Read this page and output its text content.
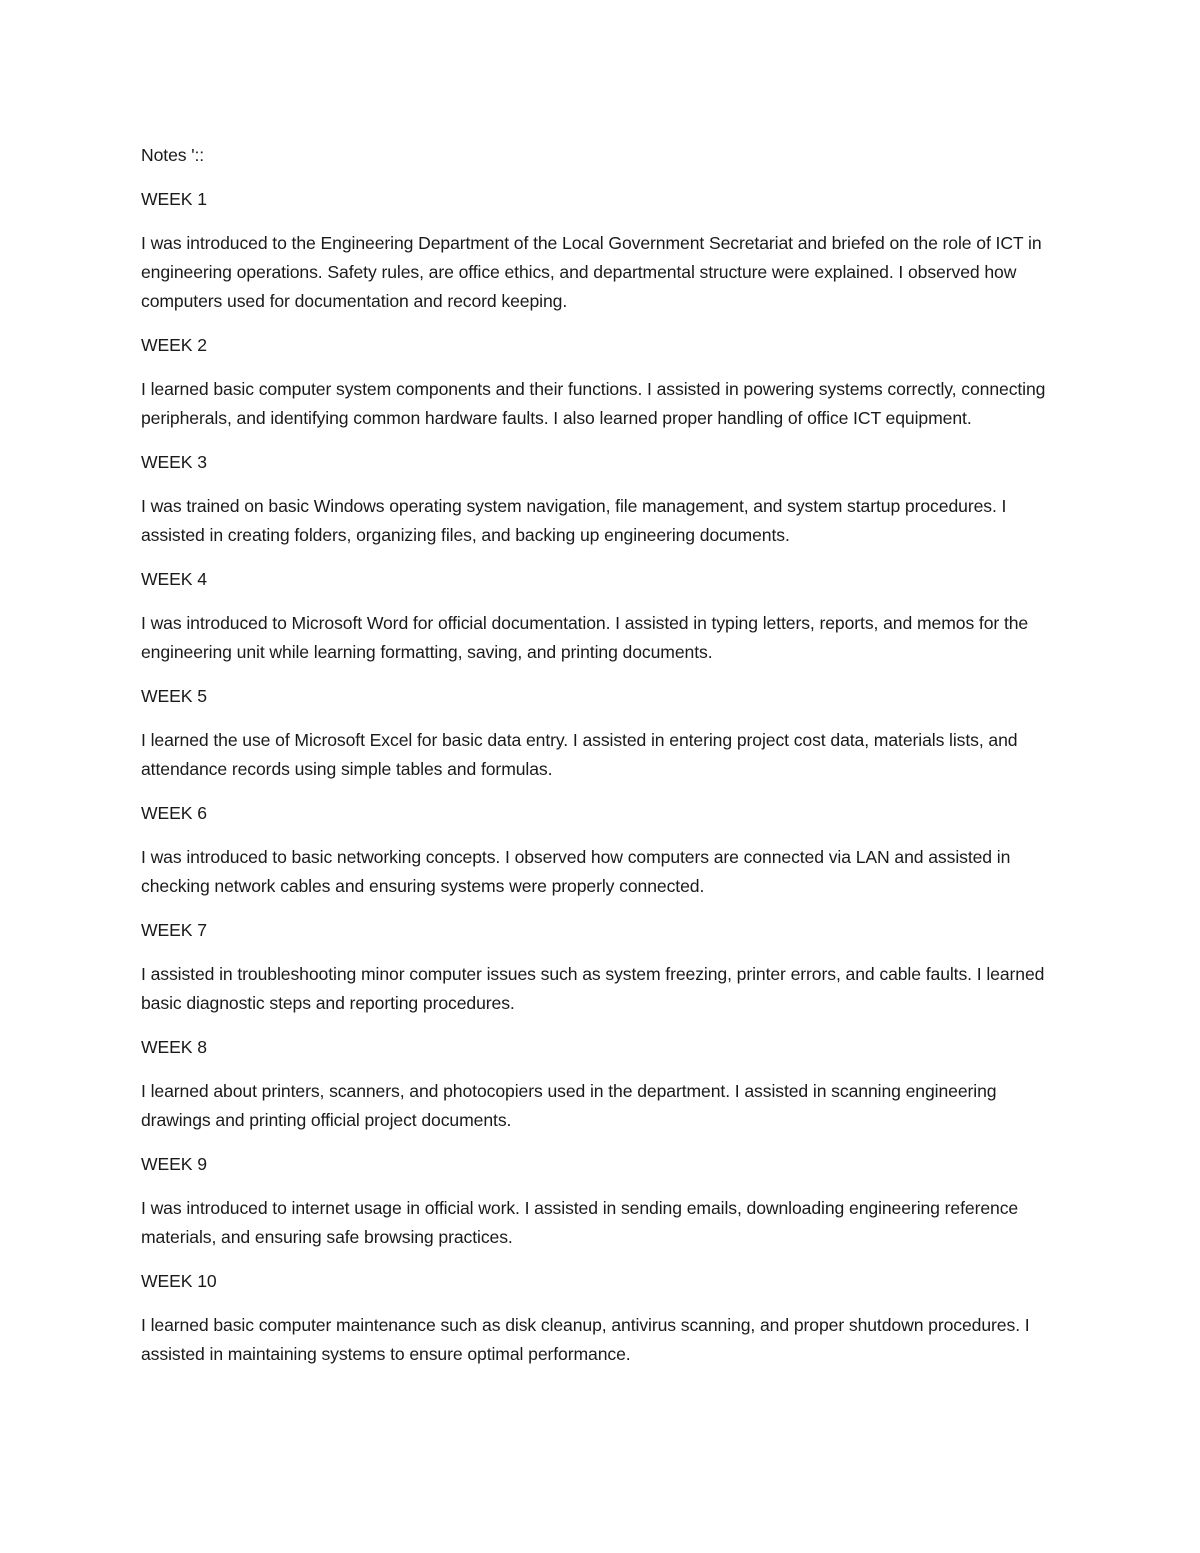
Notes '::

WEEK 1

I was introduced to the Engineering Department of the Local Government Secretariat and briefed on the role of ICT in engineering operations. Safety rules, are office ethics, and departmental structure were explained. I observed how computers used for documentation and record keeping.

WEEK 2

I learned basic computer system components and their functions. I assisted in powering systems correctly, connecting peripherals, and identifying common hardware faults. I also learned proper handling of office ICT equipment.

WEEK 3

I was trained on basic Windows operating system navigation, file management, and system startup procedures. I assisted in creating folders, organizing files, and backing up engineering documents.

WEEK 4

I was introduced to Microsoft Word for official documentation. I assisted in typing letters, reports, and memos for the engineering unit while learning formatting, saving, and printing documents.

WEEK 5

I learned the use of Microsoft Excel for basic data entry. I assisted in entering project cost data, materials lists, and attendance records using simple tables and formulas.

WEEK 6

I was introduced to basic networking concepts. I observed how computers are connected via LAN and assisted in checking network cables and ensuring systems were properly connected.

WEEK 7

I assisted in troubleshooting minor computer issues such as system freezing, printer errors, and cable faults. I learned basic diagnostic steps and reporting procedures.

WEEK 8

I learned about printers, scanners, and photocopiers used in the department. I assisted in scanning engineering drawings and printing official project documents.

WEEK 9

I was introduced to internet usage in official work. I assisted in sending emails, downloading engineering reference materials, and ensuring safe browsing practices.

WEEK 10

I learned basic computer maintenance such as disk cleanup, antivirus scanning, and proper shutdown procedures. I assisted in maintaining systems to ensure optimal performance.
